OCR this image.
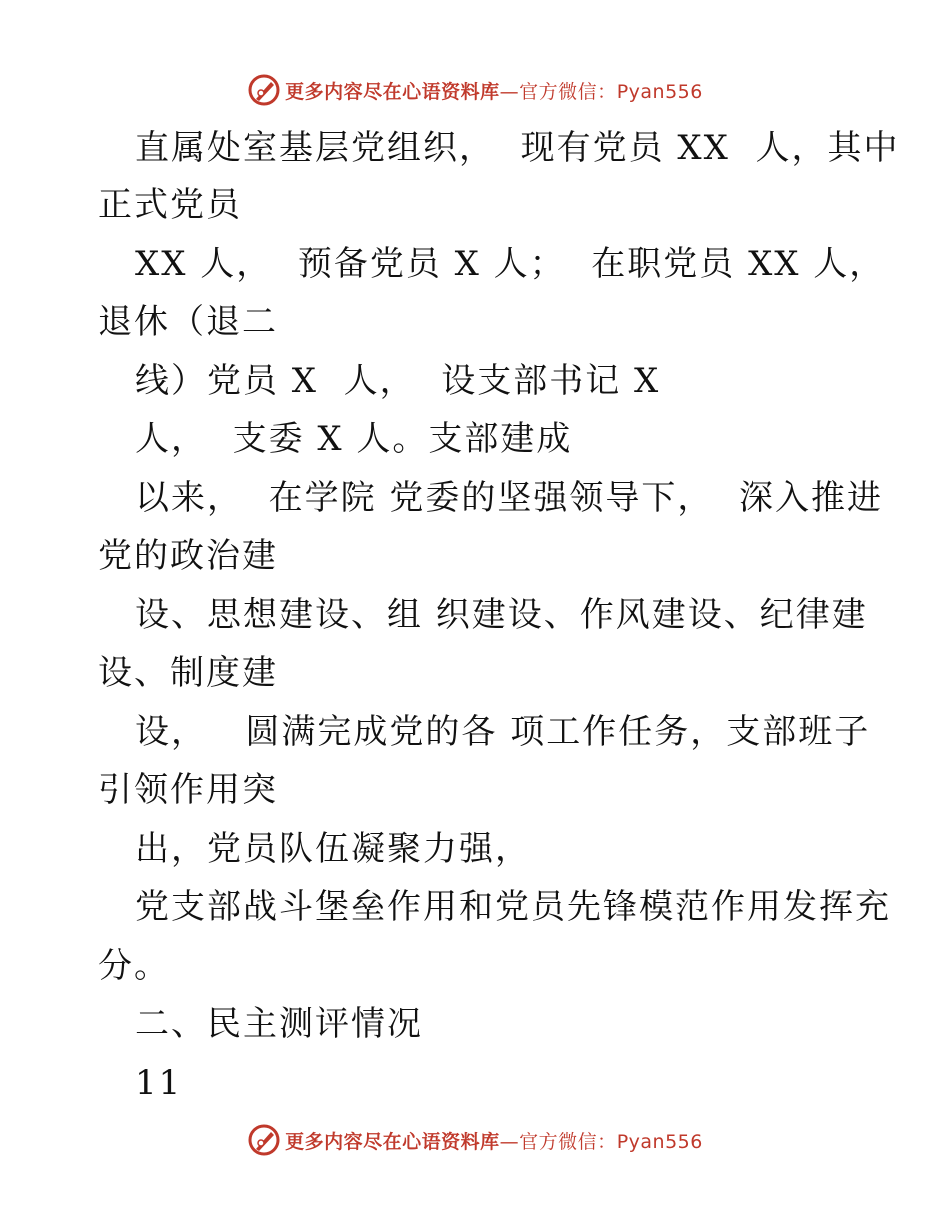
更多内容尽在心语资料库—官方微信：Pyan556
直属处室基层党组织，  现有党员 XX  人，其中
正式党员
XX 人，  预备党员 X 人；  在职党员 XX 人，
退休（退二
线）党员 X  人，  设支部书记 X
人，  支委 X 人。支部建成
以来，  在学院 党委的坚强领导下，  深入推进
党的政治建
设、思想建设、组 织建设、作风建设、纪律建
设、制度建
设，   圆满完成党的各 项工作任务，支部班子
引领作用突
出，党员队伍凝聚力强，
党支部战斗堡垒作用和党员先锋模范作用发挥充
分。
二、民主测评情况
11
更多内容尽在心语资料库—官方微信：Pyan556
